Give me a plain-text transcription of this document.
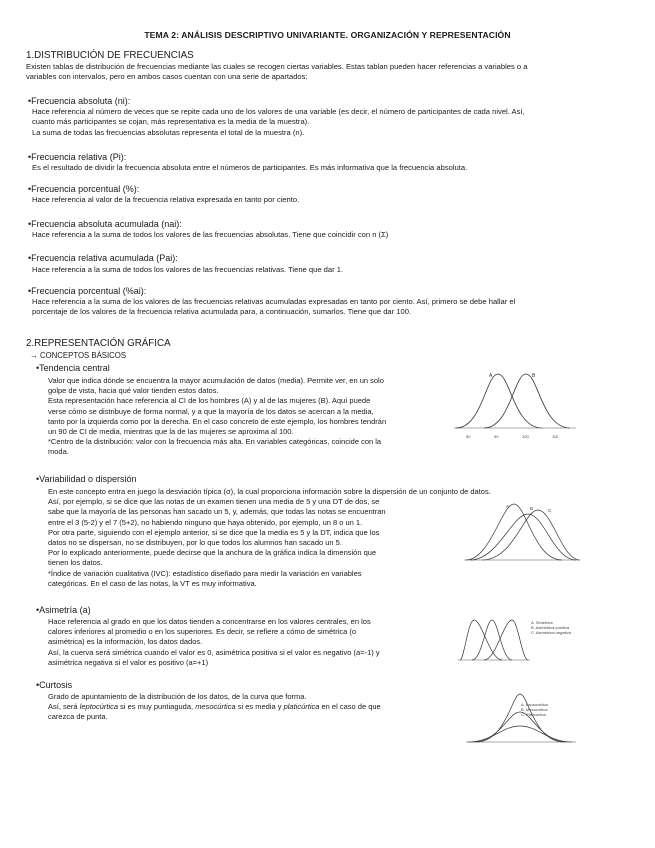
TEMA 2: ANÁLISIS DESCRIPTIVO UNIVARIANTE. ORGANIZACIÓN Y REPRESENTACIÓN
1.DISTRIBUCIÓN DE FRECUENCIAS

Existen tablas de distribución de frecuencias mediante las cuales se recogen ciertas variables. Estas tablan pueden hacer referencias a variables o a

variables con intervalos, pero en ambos casos cuentan con una serie de apartados:

•Frecuencia absoluta (ni):

Hace referencia al número de veces que se repite cada uno de los valores de una variable (es decir, el número de participantes de cada nivel. Así,

cuanto más participantes se cojan, más representativa es la media de la muestra).

La suma de todas las frecuencias absolutas representa el total de la muestra (n).

•Frecuencia relativa (Pi):

Es el resultado de dividir la frecuencia absoluta entre el números de participantes. Es más informativa que la frecuencia absoluta.

•Frecuencia porcentual (%):

Hace referencia al valor de la frecuencia relativa expresada en tanto por ciento.

•Frecuencia absoluta acumulada (nai):

Hace referencia a la suma de todos los valores de las frecuencias absolutas. Tiene que coincidir con n (Σ)

•Frecuencia relativa acumulada (Pai):

Hace referencia a la suma de todos los valores de las frecuencias relativas. Tiene que dar 1.

•Frecuencia porcentual (%ai):

Hace referencia a la suma de los valores de las frecuencias relativas acumuladas expresadas en tanto por ciento. Así, primero se debe hallar el

porcentaje de los valores de la frecuencia relativa acumulada para, a continuación, sumarlos. Tiene que dar 100.

2.REPRESENTACIÓN GRÁFICA
→ CONCEPTOS BÁSICOS
•Tendencia central

Valor que indica dónde se encuentra la mayor acumulación de datos (media). Permite ver, en un solo

golpe de vista, hacia qué valor tienden estos datos.

Esta representación hace referencia al CI de los hombres (A) y al de las mujeres (B). Aquí puede

verse cómo se distribuye de forma normal, y a que la mayoría de los datos se acercan a la media,

tanto por la izquierda como por la derecha. En el caso concreto de este ejemplo, los hombres tendrán

un 90 de CI de media, mientras que la de las mujeres se aproxima al 100.

*Centro de la distribución: valor con la frecuencia más alta. En variables categóricas, coincide con la

moda.

A	B
50	90	100	110
•Variabilidad o dispersión

En este concepto entra en juego la desviación típica (σ), la cual proporciona información sobre la dispersión de un conjunto de datos.

Así, por ejemplo, si se dice que las notas de un examen tienen una media de 5 y una DT de dos, se

sabe que la mayoría de las personas han sacado un 5, y, además, que todas las notas se encuentran

entre el 3 (5-2) y el 7 (5+2), no habiendo ninguno que haya obtenido, por ejemplo, un 8 o un 1.

Por otra parte, siguiendo con el ejemplo anterior, si se dice que la media es 5 y la DT, indica que los

datos no se dispersan, no se distribuyen, por lo que todos los alumnos han sacado un 5.

Por lo explicado anteriormente, puede decirse que la anchura de la gráfica indica la dimensión que

tienen los datos.

*Índice de variación cualitativa (IVC): estadístico diseñado para medir la variación en variables

categóricas. En el caso de las notas, la VT es muy informativa.

A	B	C
•Asimetría (a)

Hace referencia al grado en que los datos tienden a concentrarse en los valores centrales, en los

calores inferiores al promedio o en los superiores. Es decir, se refiere a cómo de simétrica (o

asimétrica) es la información, los datos dados.

Así, la cuerva será simétrica cuando el valor es 0, asimétrica positiva si el valor es negativo (a=-1) y

asimétrica negativa si el valor es positivo (a=+1)

A. Simétrica
B. Asimétrica positiva
C. Asimétrica negativa
•Curtosis

Grado de apuntamiento de la distribución de los datos, de la curva que forma.

Así, será leptocúrtica si es muy puntiaguda, mesocúrtica si es media y platicúrtica en el caso de que

carezca de punta.

A. Leptocúrtica
B. Mesocúrtica
C. Platicúrtica
